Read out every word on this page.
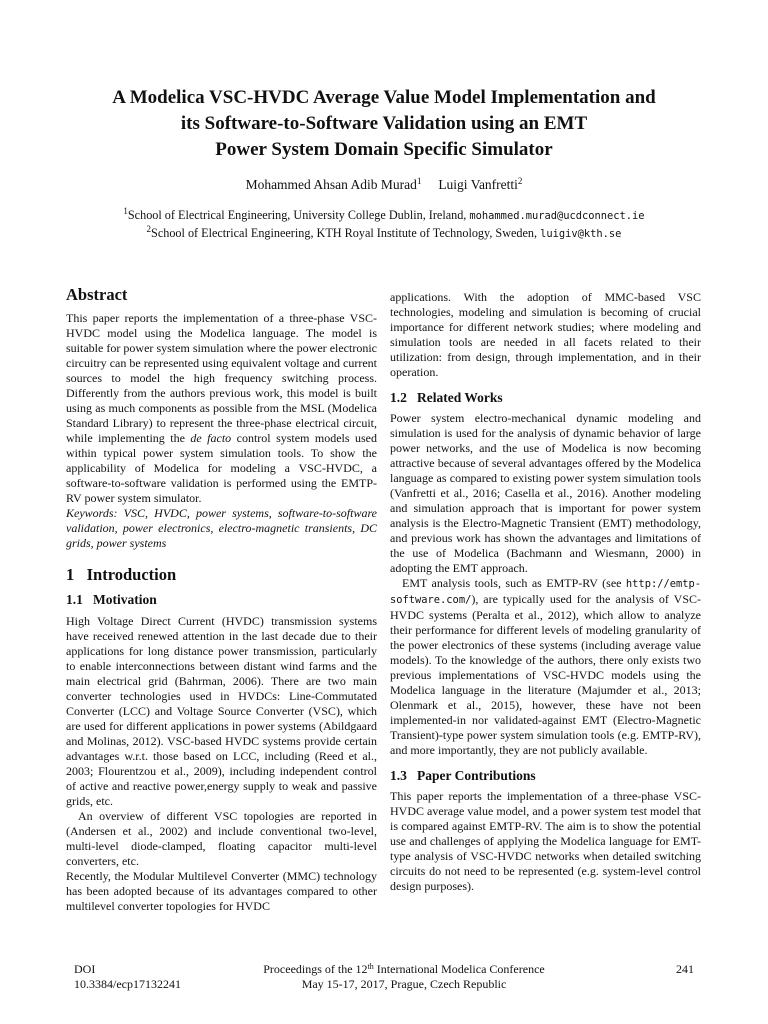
A Modelica VSC-HVDC Average Value Model Implementation and
its Software-to-Software Validation using an EMT
Power System Domain Specific Simulator
Mohammed Ahsan Adib Murad$^1$ Luigi Vanfretti$^2$
$^1$School of Electrical Engineering, University College Dublin, Ireland, mohammed.murad@ucdconnect.ie
$^2$School of Electrical Engineering, KTH Royal Institute of Technology, Sweden, luigiv@kth.se
Abstract

This paper reports the implementation of a three-phase VSC-HVDC model using the Modelica language. The model is suitable for power system simulation where the power electronic circuitry can be represented using equivalent voltage and current sources to model the high frequency switching process. Differently from the authors previous work, this model is built using as much components as possible from the MSL (Modelica Standard Library) to represent the three-phase electrical circuit, while implementing the de facto control system models used within typical power system simulation tools. To show the applicability of Modelica for modeling a VSC-HVDC, a software-to-software validation is performed using the EMTP-RV power system simulator.

Keywords: VSC, HVDC, power systems, software-to-software validation, power electronics, electro-magnetic transients, DC grids, power systems

1 Introduction
1.1 Motivation

High Voltage Direct Current (HVDC) transmission systems have received renewed attention in the last decade due to their applications for long distance power transmission, particularly to enable interconnections between distant wind farms and the main electrical grid (Bahrman, 2006). There are two main converter technologies used in HVDCs: Line-Commutated Converter (LCC) and Voltage Source Converter (VSC), which are used for different applications in power systems (Abildgaard and Molinas, 2012). VSC-based HVDC systems provide certain advantages w.r.t. those based on LCC, including (Reed et al., 2003; Flourentzou et al., 2009), including independent control of active and reactive power,energy supply to weak and passive grids, etc.

An overview of different VSC topologies are reported in (Andersen et al., 2002) and include conventional two-level, multi-level diode-clamped, floating capacitor multi-level converters, etc.

Recently, the Modular Multilevel Converter (MMC) technology has been adopted because of its advantages compared to other multilevel converter topologies for HVDC

applications. With the adoption of MMC-based VSC technologies, modeling and simulation is becoming of crucial importance for different network studies; where modeling and simulation tools are needed in all facets related to their utilization: from design, through implementation, and in their operation.

1.2 Related Works

Power system electro-mechanical dynamic modeling and simulation is used for the analysis of dynamic behavior of large power networks, and the use of Modelica is now becoming attractive because of several advantages offered by the Modelica language as compared to existing power system simulation tools (Vanfretti et al., 2016; Casella et al., 2016). Another modeling and simulation approach that is important for power system analysis is the Electro-Magnetic Transient (EMT) methodology, and previous work has shown the advantages and limitations of the use of Modelica (Bachmann and Wiesmann, 2000) in adopting the EMT approach.

EMT analysis tools, such as EMTP-RV (see http://emtp-software.com/), are typically used for the analysis of VSC-HVDC systems (Peralta et al., 2012), which allow to analyze their performance for different levels of modeling granularity of the power electronics of these systems (including average value models). To the knowledge of the authors, there only exists two previous implementations of VSC-HVDC models using the Modelica language in the literature (Majumder et al., 2013; Olenmark et al., 2015), however, these have not been implemented-in nor validated-against EMT (Electro-Magnetic Transient)-type power system simulation tools (e.g. EMTP-RV), and more importantly, they are not publicly available.

1.3 Paper Contributions

This paper reports the implementation of a three-phase VSC-HVDC average value model, and a power system test model that is compared against EMTP-RV. The aim is to show the potential use and challenges of applying the Modelica language for EMT-type analysis of VSC-HVDC networks when detailed switching circuits do not need to be represented (e.g. system-level control design purposes).

DOI
10.3384/ecp17132241
Proceedings of the 12th International Modelica Conference
May 15-17, 2017, Prague, Czech Republic
241
